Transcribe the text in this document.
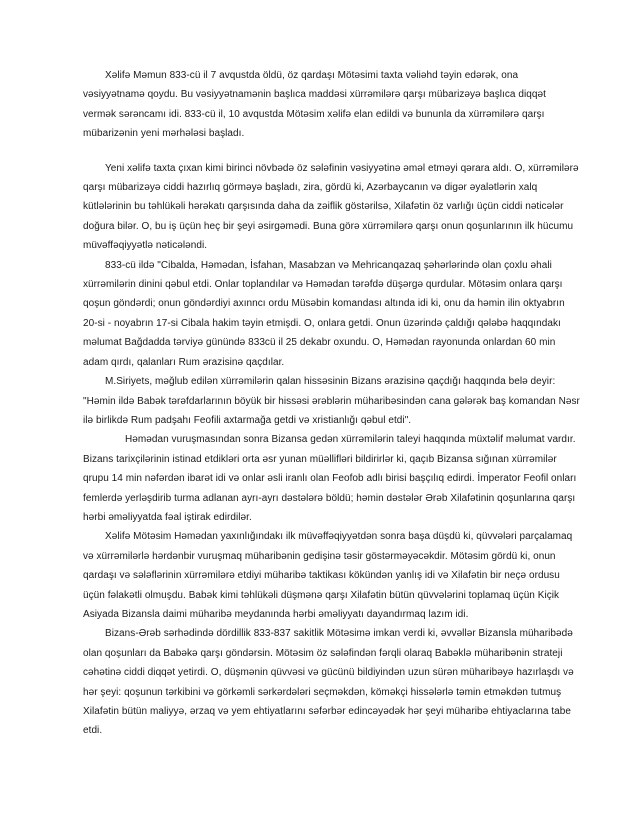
Xəlifə Məmun 833-cü il 7 avqustda öldü, öz qardaşı Mötəsimi taxta vəliəhd təyin edərək, ona vəsiyyətnamə qoydu. Bu vəsiyyətnamənin başlıca maddəsi xürrəmilərə qarşı mübarizəyə başlıca diqqət vermək sərəncamı idi. 833-cü il, 10 avqustda Mötəsim xəlifə elan edildi və bununla da xürrəmilərə qarşı mübarizənin yeni mərhələsi başladı.

Yeni xəlifə taxta çıxan kimi birinci növbədə öz sələfinin vəsiyyətinə əməl etməyi qərara aldı. O, xürrəmilərə qarşı mübarizəyə ciddi hazırlıq görməyə başladı, zira, gördü ki, Azərbaycanın və digər əyalətlərin xalq kütlələrinin bu təhlükəli hərəkatı qarşısında daha da zəiflik göstərilsə, Xilafətin öz varlığı üçün ciddi nəticələr doğura bilər. O, bu iş üçün heç bir şeyi əsirgəmədi. Buna görə xürrəmilərə qarşı onun qoşunlarının ilk hücumu müvəffəqiyyətlə nəticələndi.

833-cü ildə "Cibalda, Həmədan, İsfahan, Masabzan və Mehricanqazaq şəhərlərində olan çoxlu əhali xürrəmilərin dinini qəbul etdi. Onlar toplandılar və Həmədan tərəfdə düşərgə qurdular. Mötəsim onlara qarşı qoşun göndərdi; onun göndərdiyi axınncı ordu Müsəbin komandası altında idi ki, onu da həmin ilin oktyabrın 20-si - noyabrın 17-si Cibala hakim təyin etmişdi. O, onlara getdi. Onun üzərində çaldığı qələbə haqqındakı məlumat Bağdadda tərviyə günündə 833cü il 25 dekabr oxundu. O, Həmədan rayonunda onlardan 60 min adam qırdı, qalanları Rum ərazisinə qaçdılar.

M.Siriyets, məğlub edilən xürrəmilərin qalan hissəsinin Bizans ərazisinə qaçdığı haqqında belə deyir: "Həmin ildə Babək tərəfdarlarının böyük bir hissəsi ərəblərin müharibəsindən cana gələrək baş komandan Nəsr ilə birlikdə Rum padşahı Feofili axtarmağa getdi və xristianlığı qəbul etdi".

Həmədan vuruşmasından sonra Bizansa gedən xürrəmilərin taleyi haqqında müxtəlif məlumat vardır. Bizans tarixçilərinin istinad etdikləri orta əsr yunan müəllifləri bildirirlər ki, qaçıb Bizansa sığınan xürrəmilər qrupu 14 min nəfərdən ibarət idi və onlar əsli iranlı olan Feofob adlı birisi başçılıq edirdi. İmperator Feofil onları femlerdə yerləşdirib turma adlanan ayrı-ayrı dəstələrə böldü; həmin dəstələr Ərəb Xilafətinin qoşunlarına qarşı hərbi əməliyyatda fəal iştirak edirdilər.

Xəlifə Mötəsim Həmədan yaxınlığındakı ilk müvəffəqiyyətdən sonra başa düşdü ki, qüvvələri parçalamaq və xürrəmilərlə hərdənbir vuruşmaq müharibənin gedişinə təsir göstərməyəcəkdir. Mötəsim gördü ki, onun qardaşı və sələflərinin xürrəmilərə etdiyi müharibə taktikası kökündən yanlış idi və Xilafətin bir neçə ordusu üçün fəlakətli olmuşdu. Babək kimi təhlükəli düşmənə qarşı Xilafətin bütün qüvvələrini toplamaq üçün Kiçik Asiyada Bizansla daimi müharibə meydanında hərbi əməliyyatı dayandırmaq lazım idi.

Bizans-Ərəb sərhədində dördillik 833-837 sakitlik Mötəsimə imkan verdi ki, əvvəllər Bizansla müharibədə olan qoşunları da Babəkə qarşı göndərsin. Mötəsim öz sələfindən fərqli olaraq Babəklə müharibənin strateji cəhətinə ciddi diqqət yetirdi. O, düşmənin qüvvəsi və gücünü bildiyindən uzun sürən müharibəyə hazırlaşdı və hər şeyi: qoşunun tərkibini və görkəmli sərkərdələri seçməkdən, köməkçi hissələrlə təmin etməkdən tutmuş Xilafətin bütün maliyyə, ərzaq və yem ehtiyatlarını səfərbər edincəyədək hər şeyi müharibə ehtiyaclarına tabe etdi.
